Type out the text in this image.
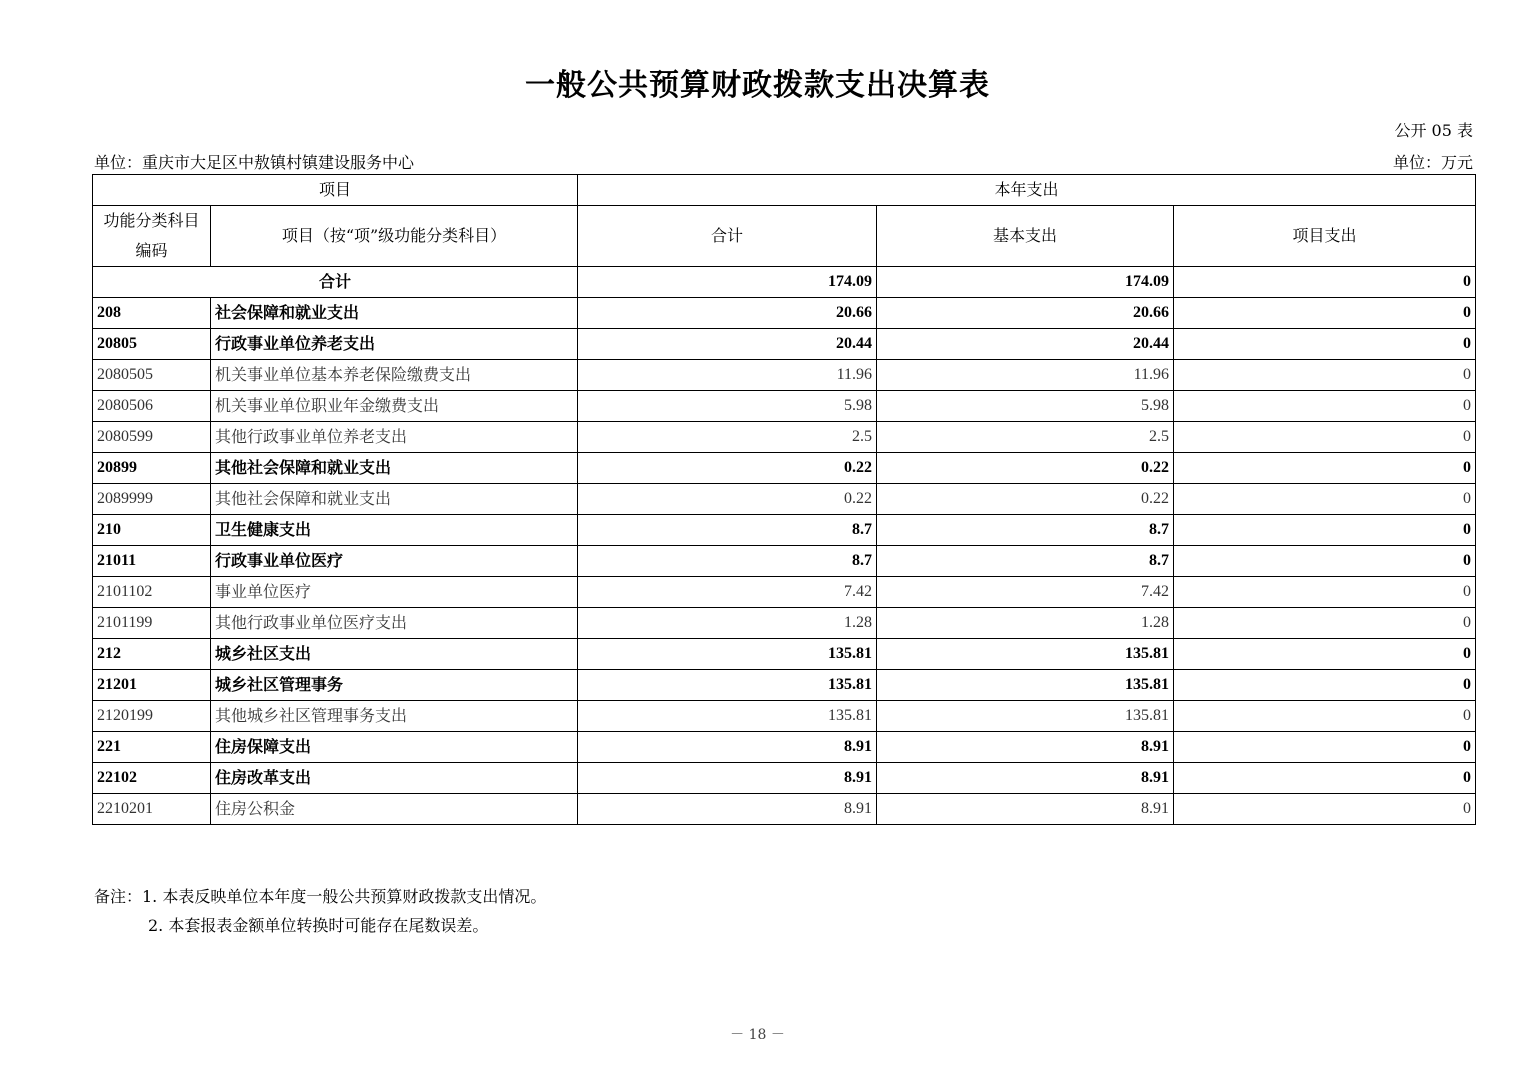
一般公共预算财政拨款支出决算表
公开 05 表
单位：重庆市大足区中敖镇村镇建设服务中心	单位：万元
项目		本年支出		

功能分类科目
编码	项目（按“项”级功能分类科目）	合计	基本支出	项目支出
合计		174.09	174.09	0
208	社会保障和就业支出	20.66	20.66	0
20805	行政事业单位养老支出	20.44	20.44	0
2080505	机关事业单位基本养老保险缴费支出	11.96	11.96	0
2080506	机关事业单位职业年金缴费支出	5.98	5.98	0
2080599	其他行政事业单位养老支出	2.5	2.5	0
20899	其他社会保障和就业支出	0.22	0.22	0
2089999	其他社会保障和就业支出	0.22	0.22	0
210	卫生健康支出	8.7	8.7	0
21011	行政事业单位医疗	8.7	8.7	0
2101102	事业单位医疗	7.42	7.42	0
2101199	其他行政事业单位医疗支出	1.28	1.28	0
212	城乡社区支出	135.81	135.81	0
21201	城乡社区管理事务	135.81	135.81	0
2120199	其他城乡社区管理事务支出	135.81	135.81	0
221	住房保障支出	8.91	8.91	0
22102	住房改革支出	8.91	8.91	0
2210201	住房公积金	8.91	8.91	0
备注：1. 本表反映单位本年度一般公共预算财政拨款支出情况。
2. 本套报表金额单位转换时可能存在尾数误差。
－ 18 －
